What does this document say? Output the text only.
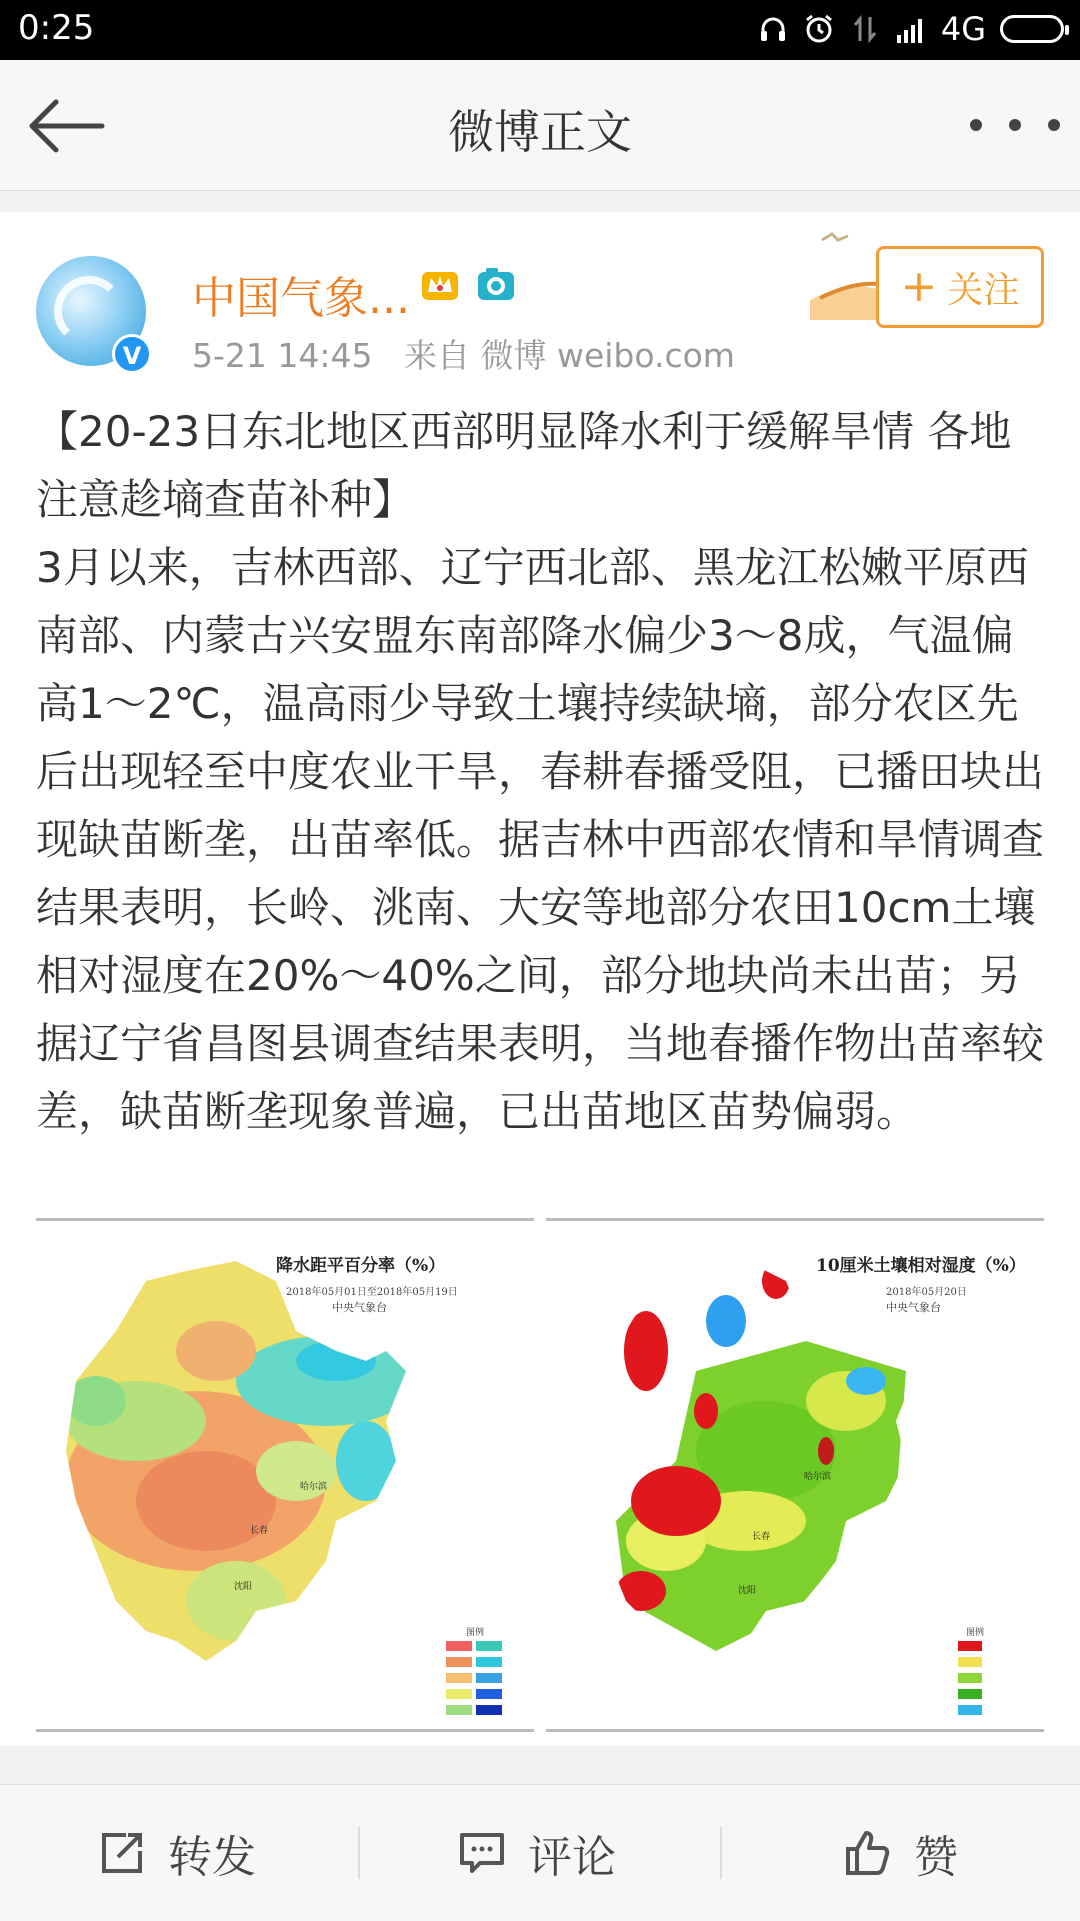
0:25	4G
微博正文
V
中国气象...
5-21 14:45 来自 微博 weibo.com
+ 关注

【20-23日东北地区西部明显降水利于缓解旱情 各地注意趁墒查苗补种】

3月以来，吉林西部、辽宁西北部、黑龙江松嫩平原西南部、内蒙古兴安盟东南部降水偏少3～8成，气温偏高1～2℃，温高雨少导致土壤持续缺墒，部分农区先后出现轻至中度农业干旱，春耕春播受阻，已播田块出现缺苗断垄，出苗率低。据吉林中西部农情和旱情调查结果表明，长岭、洮南、大安等地部分农田10cm土壤相对湿度在20%～40%之间，部分地块尚未出苗；另据辽宁省昌图县调查结果表明，当地春播作物出苗率较差，缺苗断垄现象普遍，已出苗地区苗势偏弱。

哈尔滨
长春
沈阳
降水距平百分率（%）
2018年05月01日至2018年05月19日
中央气象台
图例
哈尔滨
长春
沈阳
10厘米土壤相对湿度（%）
2018年05月20日
中央气象台
图例
转发	评论	赞
